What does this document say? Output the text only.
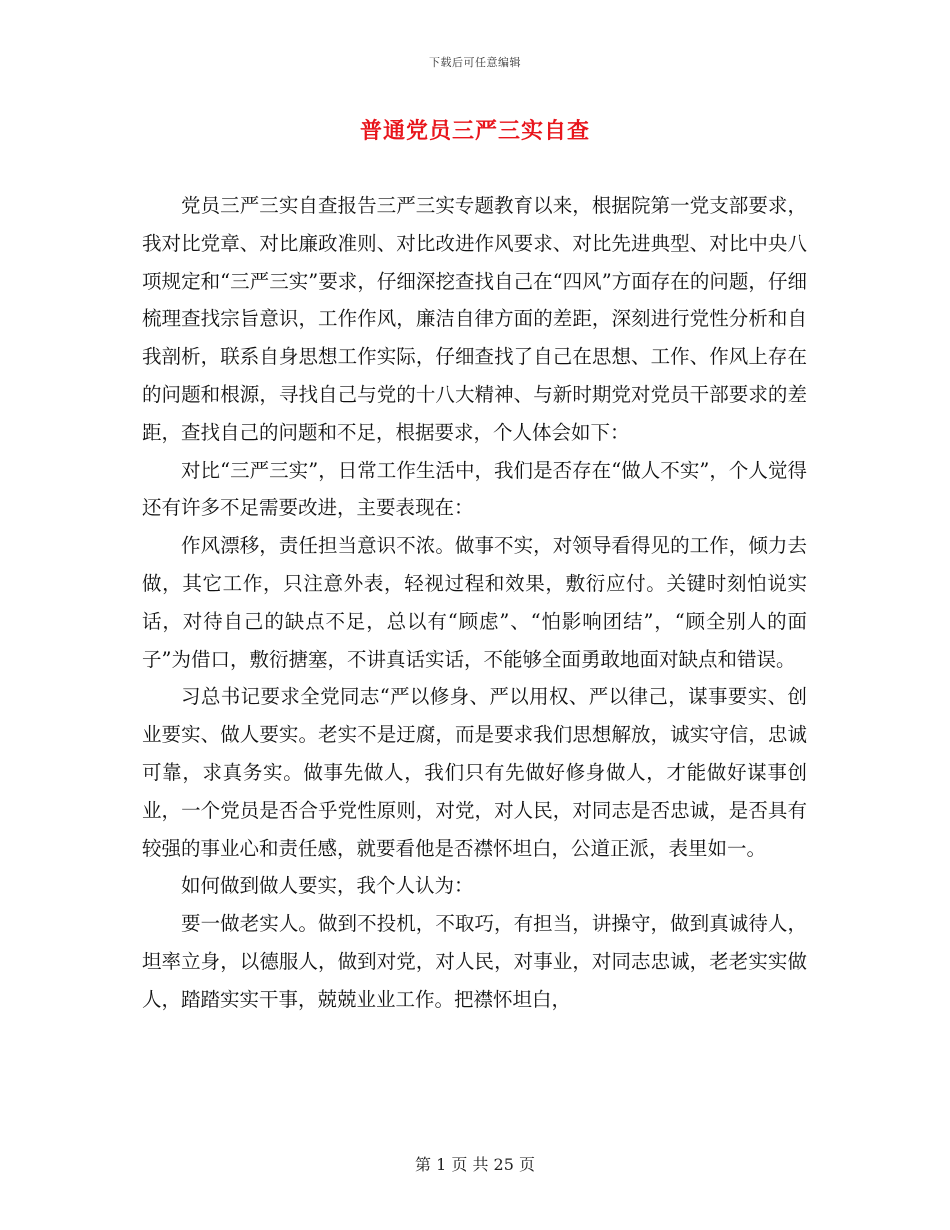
下载后可任意编辑
普通党员三严三实自查

党员三严三实自查报告三严三实专题教育以来，根据院第一党支部要求，我对比党章、对比廉政准则、对比改进作风要求、对比先进典型、对比中央八项规定和“三严三实”要求，仔细深挖查找自己在“四风”方面存在的问题，仔细梳理查找宗旨意识，工作作风，廉洁自律方面的差距，深刻进行党性分析和自我剖析，联系自身思想工作实际，仔细查找了自己在思想、工作、作风上存在的问题和根源，寻找自己与党的十八大精神、与新时期党对党员干部要求的差距，查找自己的问题和不足，根据要求，个人体会如下：

对比“三严三实”，日常工作生活中，我们是否存在“做人不实”，个人觉得还有许多不足需要改进，主要表现在：

作风漂移，责任担当意识不浓。做事不实，对领导看得见的工作，倾力去做，其它工作，只注意外表，轻视过程和效果，敷衍应付。关键时刻怕说实话，对待自己的缺点不足，总以有“顾虑”、“怕影响团结”，“顾全别人的面子”为借口，敷衍搪塞，不讲真话实话，不能够全面勇敢地面对缺点和错误。

习总书记要求全党同志“严以修身、严以用权、严以律己，谋事要实、创业要实、做人要实。老实不是迂腐，而是要求我们思想解放，诚实守信，忠诚可靠，求真务实。做事先做人，我们只有先做好修身做人，才能做好谋事创业，一个党员是否合乎党性原则，对党，对人民，对同志是否忠诚，是否具有较强的事业心和责任感，就要看他是否襟怀坦白，公道正派，表里如一。

如何做到做人要实，我个人认为：

要一做老实人。做到不投机，不取巧，有担当，讲操守，做到真诚待人，坦率立身，以德服人，做到对党，对人民，对事业，对同志忠诚，老老实实做人，踏踏实实干事，兢兢业业工作。把襟怀坦白，

第 1 页 共 25 页
